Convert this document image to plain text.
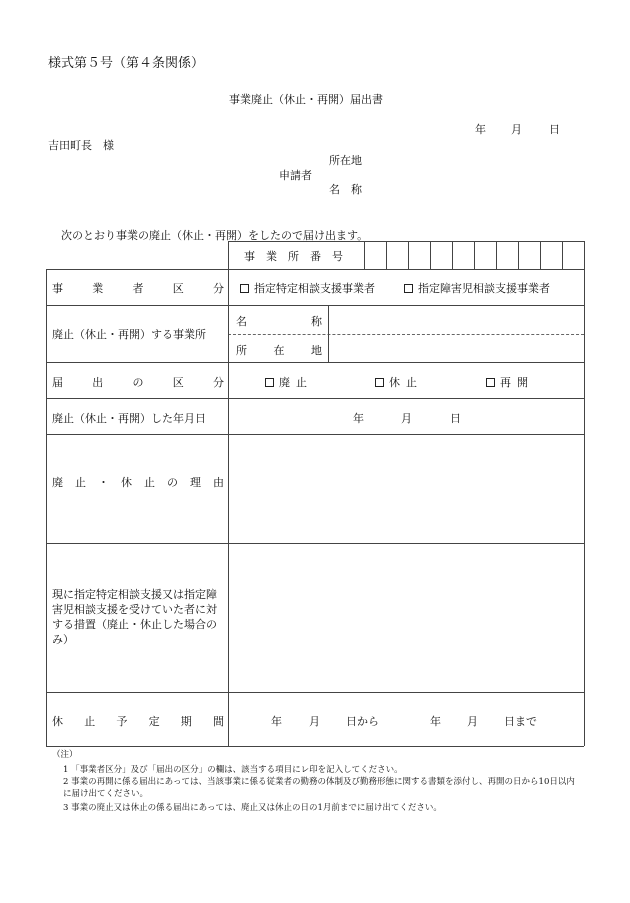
様式第５号（第４条関係）
事業廃止（休止・再開）届出書
年 月 日
吉田町長　様
所在地
申請者
名　称
次のとおり事業の廃止（休止・再開）をしたので届け出ます。
事　業　所　番　号
事	業	者	区	分	指定特定相談支援事業者	指定障害児相談支援事業者
廃止（休止・再開）する事業所
名	称
所 在 地
届	出	の	区	分	廃止	休止	再開
廃止（休止・再開）した年月日	年	月	日
廃 止 ・ 休 止 の 理 由
現に指定特定相談支援又は指定障害児相談支援を受けていた者に対する措置（廃止・休止した場合のみ）
休 止 予 定 期 間	年 月 日から	年 月 日まで
（注）
1 「事業者区分」及び「届出の区分」の欄は、該当する項目にレ印を記入してください。
2 事業の再開に係る届出にあっては、当該事業に係る従業者の勤務の体制及び勤務形態に関する書類を添付し、再開の日から10日以内に届け出てください。
3 事業の廃止又は休止の係る届出にあっては、廃止又は休止の日の1月前までに届け出てください。
